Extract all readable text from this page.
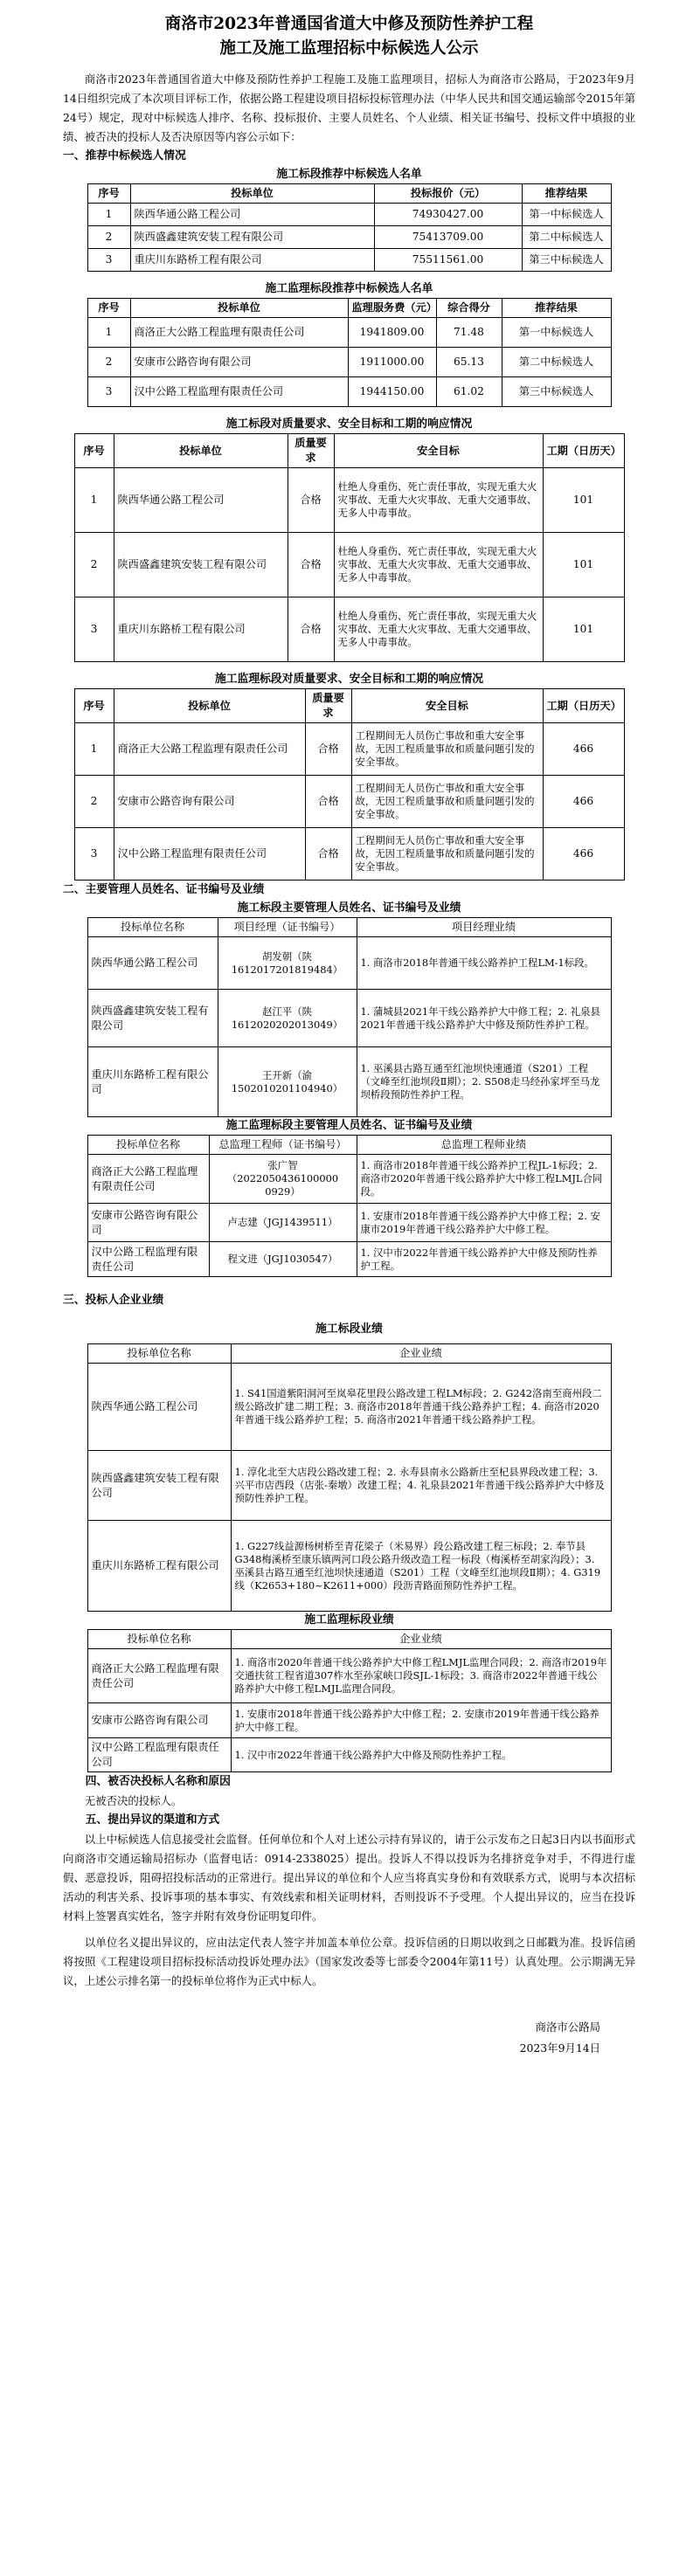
商洛市2023年普通国省道大中修及预防性养护工程
施工及施工监理招标中标候选人公示

商洛市2023年普通国省道大中修及预防性养护工程施工及施工监理项目，招标人为商洛市公路局，于2023年9月14日组织完成了本次项目评标工作，依据公路工程建设项目招标投标管理办法（中华人民共和国交通运输部令2015年第24号）规定，现对中标候选人排序、名称、投标报价、主要人员姓名、个人业绩、相关证书编号、投标文件中填报的业绩、被否决的投标人及否决原因等内容公示如下：

一、推荐中标候选人情况

施工标段推荐中标候选人名单

序号	投标单位	投标报价（元）	推荐结果
1	陕西华通公路工程公司	74930427.00	第一中标候选人
2	陕西盛鑫建筑安装工程有限公司	75413709.00	第二中标候选人
3	重庆川东路桥工程有限公司	75511561.00	第三中标候选人

施工监理标段推荐中标候选人名单

序号	投标单位	监理服务费（元）	综合得分	推荐结果
1	商洛正大公路工程监理有限责任公司	1941809.00	71.48	第一中标候选人
2	安康市公路咨询有限公司	1911000.00	65.13	第二中标候选人
3	汉中公路工程监理有限责任公司	1944150.00	61.02	第三中标候选人

施工标段对质量要求、安全目标和工期的响应情况

序号	投标单位	质量要求	安全目标	工期（日历天）
1	陕西华通公路工程公司	合格	杜绝人身重伤、死亡责任事故，实现无重大火灾事故、无重大火灾事故、无重大交通事故、无多人中毒事故。	101
2	陕西盛鑫建筑安装工程有限公司	合格	杜绝人身重伤、死亡责任事故，实现无重大火灾事故、无重大火灾事故、无重大交通事故、无多人中毒事故。	101
3	重庆川东路桥工程有限公司	合格	杜绝人身重伤、死亡责任事故，实现无重大火灾事故、无重大火灾事故、无重大交通事故、无多人中毒事故。	101

施工监理标段对质量要求、安全目标和工期的响应情况

序号	投标单位	质量要求	安全目标	工期（日历天）
1	商洛正大公路工程监理有限责任公司	合格	工程期间无人员伤亡事故和重大安全事故，无因工程质量事故和质量问题引发的安全事故。	466
2	安康市公路咨询有限公司	合格	工程期间无人员伤亡事故和重大安全事故，无因工程质量事故和质量问题引发的安全事故。	466
3	汉中公路工程监理有限责任公司	合格	工程期间无人员伤亡事故和重大安全事故，无因工程质量事故和质量问题引发的安全事故。	466

二、主要管理人员姓名、证书编号及业绩

施工标段主要管理人员姓名、证书编号及业绩

投标单位名称	项目经理（证书编号）	项目经理业绩
陕西华通公路工程公司	胡发朝（陕161201720181948​4）	1. 商洛市2018年普通干线公路养护工程LM-1标段。
陕西盛鑫建筑安装工程有限公司	赵江平（陕161202020201304​9）	1. 蒲城县2021年干线公路养护大中修工程；2. 礼泉县2021年普通干线公路养护大中修及预防性养护工程。
重庆川东路桥工程有限公司	王开新（渝150201020110494​0）	1. 巫溪县古路互通至红池坝快速通道（S201）工程（文峰至红池坝段Ⅱ期）；2. S508走马经孙家坪至马龙坝桥段预防性养护工程。

施工监理标段主要管理人员姓名、证书编号及业绩

投标单位名称	总监理工程师（证书编号）	总监理工程师业绩
商洛正大公路工程监理有限责任公司	张广智（2022050436100000​0929）	1. 商洛市2018年普通干线公路养护工程JL-1标段；2. 商洛市2020年普通干线公路养护大中修工程LMJL合同段。
安康市公路咨询有限公司	卢志建（JGJ1439511）	1. 安康市2018年普通干线公路养护大中修工程；2. 安康市2019年普通干线公路养护大中修工程。
汉中公路工程监理有限责任公司	程文进（JGJ1030547）	1. 汉中市2022年普通干线公路养护大中修及预防性养护工程。

三、投标人企业业绩

施工标段业绩

投标单位名称	企业业绩
陕西华通公路工程公司	1. S41国道紫阳洞河至岚皋花里段公路改建工程LM标段；2. G242洛南至商州段二级公路改扩建二期工程；3. 商洛市2018年普通干线公路养护工程；4. 商洛市2020年普通干线公路养护工程；5. 商洛市2021年普通干线公路养护工程。
陕西盛鑫建筑安装工程有限公司	1. 淳化北至大店段公路改建工程；2. 永寿县南永公路新庄至杞县界段改建工程；3. 兴平市店西段（店张-秦墩）改建工程；4. 礼泉县2021年普通干线公路养护大中修及预防性养护工程。
重庆川东路桥工程有限公司	1. G227线益源杨树桥至青花梁子（米易界）段公路改建工程三标段；2. 奉节县G348梅溪桥至康乐镇两河口段公路升级改造工程一标段（梅溪桥至胡家沟段）；3. 巫溪县古路互通至红池坝快速通道（S201）工程（文峰至红池坝段Ⅱ期）；4. G319线（K2653+180~K2611+000）段沥青路面预防性养护工程。

施工监理标段业绩

投标单位名称	企业业绩
商洛正大公路工程监理有限责任公司	1. 商洛市2020年普通干线公路养护大中修工程LMJL监理合同段；2. 商洛市2019年交通扶贫工程省道307柞水至孙家峡口段SJL-1标段；3. 商洛市2022年普通干线公路养护大中修工程LMJL监理合同段。
安康市公路咨询有限公司	1. 安康市2018年普通干线公路养护大中修工程；2. 安康市2019年普通干线公路养护大中修工程。
汉中公路工程监理有限责任公司	1. 汉中市2022年普通干线公路养护大中修及预防性养护工程。

四、被否决投标人名称和原因

无被否决的投标人。

五、提出异议的渠道和方式

以上中标候选人信息接受社会监督。任何单位和个人对上述公示持有异议的，请于公示发布之日起3日内以书面形式向商洛市交通运输局招标办（监督电话：0914-2338025）提出。投诉人不得以投诉为名排挤竞争对手，不得进行虚假、恶意投诉，阻碍招投标活动的正常进行。提出异议的单位和个人应当将真实身份和有效联系方式，说明与本次招标活动的利害关系、投诉事项的基本事实、有效线索和相关证明材料，否则投诉不予受理。个人提出异议的，应当在投诉材料上签署真实姓名，签字并附有效身份证明复印件。

以单位名义提出异议的，应由法定代表人签字并加盖本单位公章。投诉信函的日期以收到之日邮戳为准。投诉信函将按照《工程建设项目招标投标活动投诉处理办法》（国家发改委等七部委令2004年第11号）认真处理。公示期满无异议，上述公示排名第一的投标单位将作为正式中标人。

商洛市公路局

2023年9月14日
